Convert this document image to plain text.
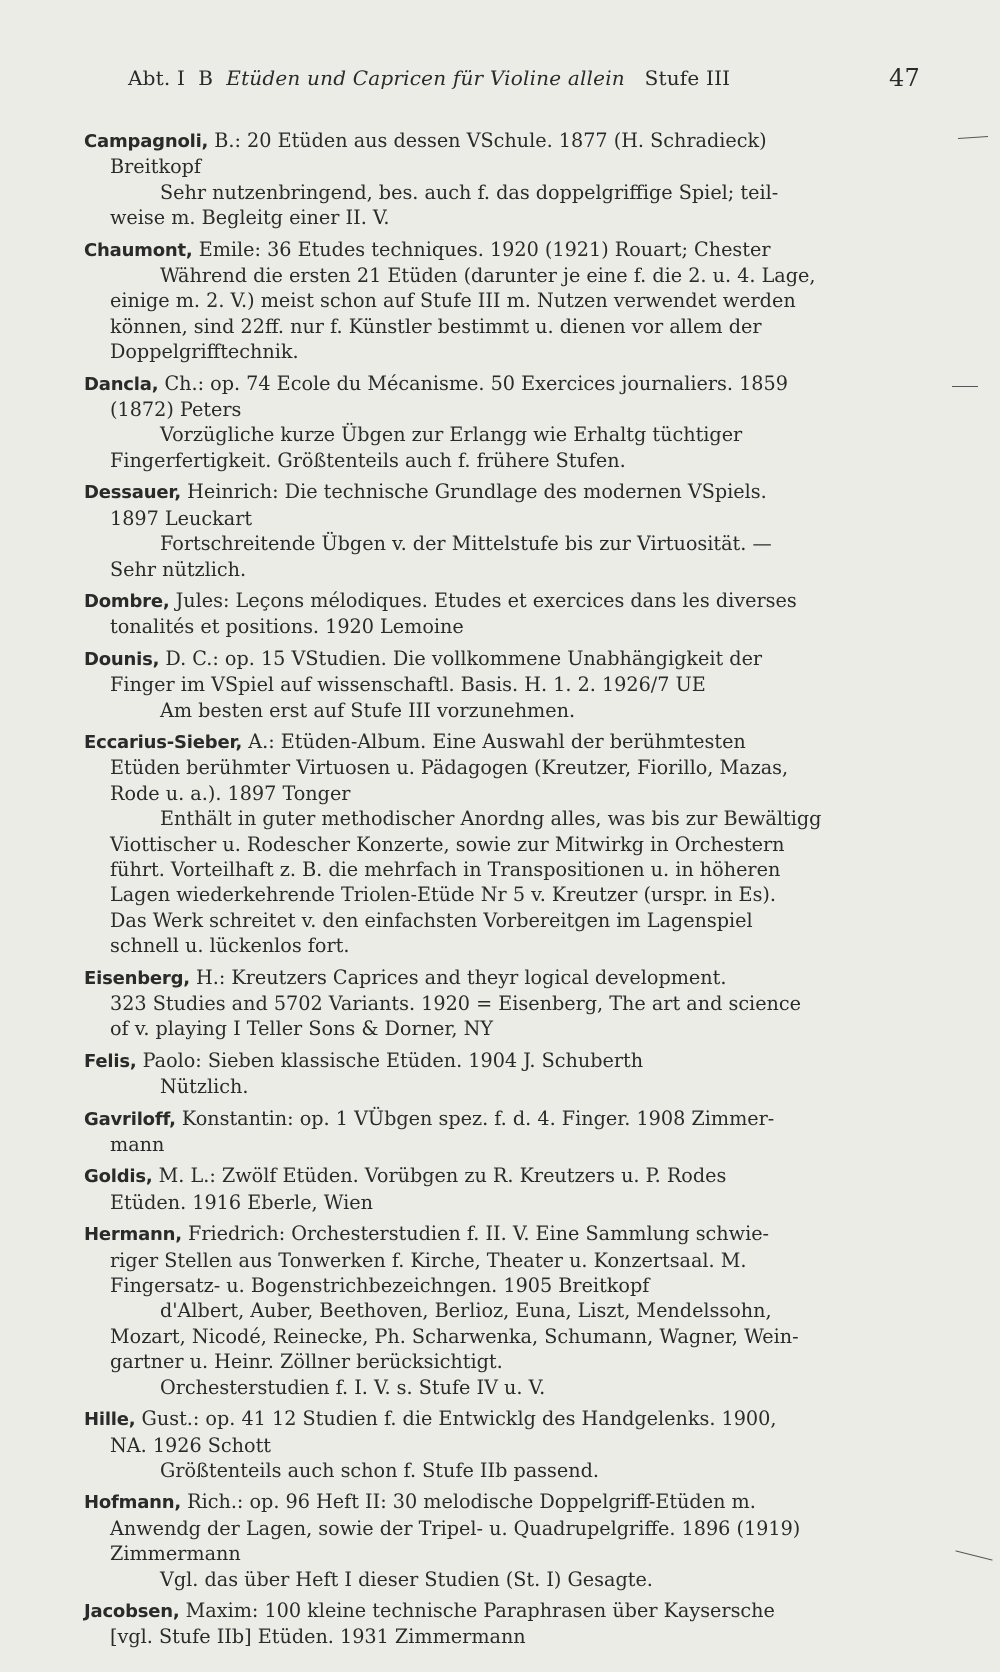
Abt. I B Etüden und Capricen für Violine allein Stufe III	47
Campagnoli, B.: 20 Etüden aus dessen VSchule. 1877 (H. Schradieck)
Breitkopf
Sehr nutzenbringend, bes. auch f. das doppelgriffige Spiel; teil-
weise m. Begleitg einer II. V.
Chaumont, Emile: 36 Etudes techniques. 1920 (1921) Rouart; Chester
Während die ersten 21 Etüden (darunter je eine f. die 2. u. 4. Lage,
einige m. 2. V.) meist schon auf Stufe III m. Nutzen verwendet werden
können, sind 22ff. nur f. Künstler bestimmt u. dienen vor allem der
Doppelgrifftechnik.
Dancla, Ch.: op. 74 Ecole du Mécanisme. 50 Exercices journaliers. 1859
(1872) Peters
Vorzügliche kurze Übgen zur Erlangg wie Erhaltg tüchtiger
Fingerfertigkeit. Größtenteils auch f. frühere Stufen.
Dessauer, Heinrich: Die technische Grundlage des modernen VSpiels.
1897 Leuckart
Fortschreitende Übgen v. der Mittelstufe bis zur Virtuosität. —
Sehr nützlich.
Dombre, Jules: Leçons mélodiques. Etudes et exercices dans les diverses
tonalités et positions. 1920 Lemoine
Dounis, D. C.: op. 15 VStudien. Die vollkommene Unabhängigkeit der
Finger im VSpiel auf wissenschaftl. Basis. H. 1. 2. 1926/7 UE
Am besten erst auf Stufe III vorzunehmen.
Eccarius-Sieber, A.: Etüden-Album. Eine Auswahl der berühmtesten
Etüden berühmter Virtuosen u. Pädagogen (Kreutzer, Fiorillo, Mazas,
Rode u. a.). 1897 Tonger
Enthält in guter methodischer Anordng alles, was bis zur Bewältigg
Viottischer u. Rodescher Konzerte, sowie zur Mitwirkg in Orchestern
führt. Vorteilhaft z. B. die mehrfach in Transpositionen u. in höheren
Lagen wiederkehrende Triolen-Etüde Nr 5 v. Kreutzer (urspr. in Es).
Das Werk schreitet v. den einfachsten Vorbereitgen im Lagenspiel
schnell u. lückenlos fort.
Eisenberg, H.: Kreutzers Caprices and theyr logical development.
323 Studies and 5702 Variants. 1920 = Eisenberg, The art and science
of v. playing I Teller Sons & Dorner, NY
Felis, Paolo: Sieben klassische Etüden. 1904 J. Schuberth
Nützlich.
Gavriloff, Konstantin: op. 1 VÜbgen spez. f. d. 4. Finger. 1908 Zimmer-
mann
Goldis, M. L.: Zwölf Etüden. Vorübgen zu R. Kreutzers u. P. Rodes
Etüden. 1916 Eberle, Wien
Hermann, Friedrich: Orchesterstudien f. II. V. Eine Sammlung schwie-
riger Stellen aus Tonwerken f. Kirche, Theater u. Konzertsaal. M.
Fingersatz- u. Bogenstrichbezeichngen. 1905 Breitkopf
d'Albert, Auber, Beethoven, Berlioz, Euna, Liszt, Mendelssohn,
Mozart, Nicodé, Reinecke, Ph. Scharwenka, Schumann, Wagner, Wein-
gartner u. Heinr. Zöllner berücksichtigt.
Orchesterstudien f. I. V. s. Stufe IV u. V.
Hille, Gust.: op. 41 12 Studien f. die Entwicklg des Handgelenks. 1900,
NA. 1926 Schott
Größtenteils auch schon f. Stufe IIb passend.
Hofmann, Rich.: op. 96 Heft II: 30 melodische Doppelgriff-Etüden m.
Anwendg der Lagen, sowie der Tripel- u. Quadrupelgriffe. 1896 (1919)
Zimmermann
Vgl. das über Heft I dieser Studien (St. I) Gesagte.
Jacobsen, Maxim: 100 kleine technische Paraphrasen über Kaysersche
[vgl. Stufe IIb] Etüden. 1931 Zimmermann
